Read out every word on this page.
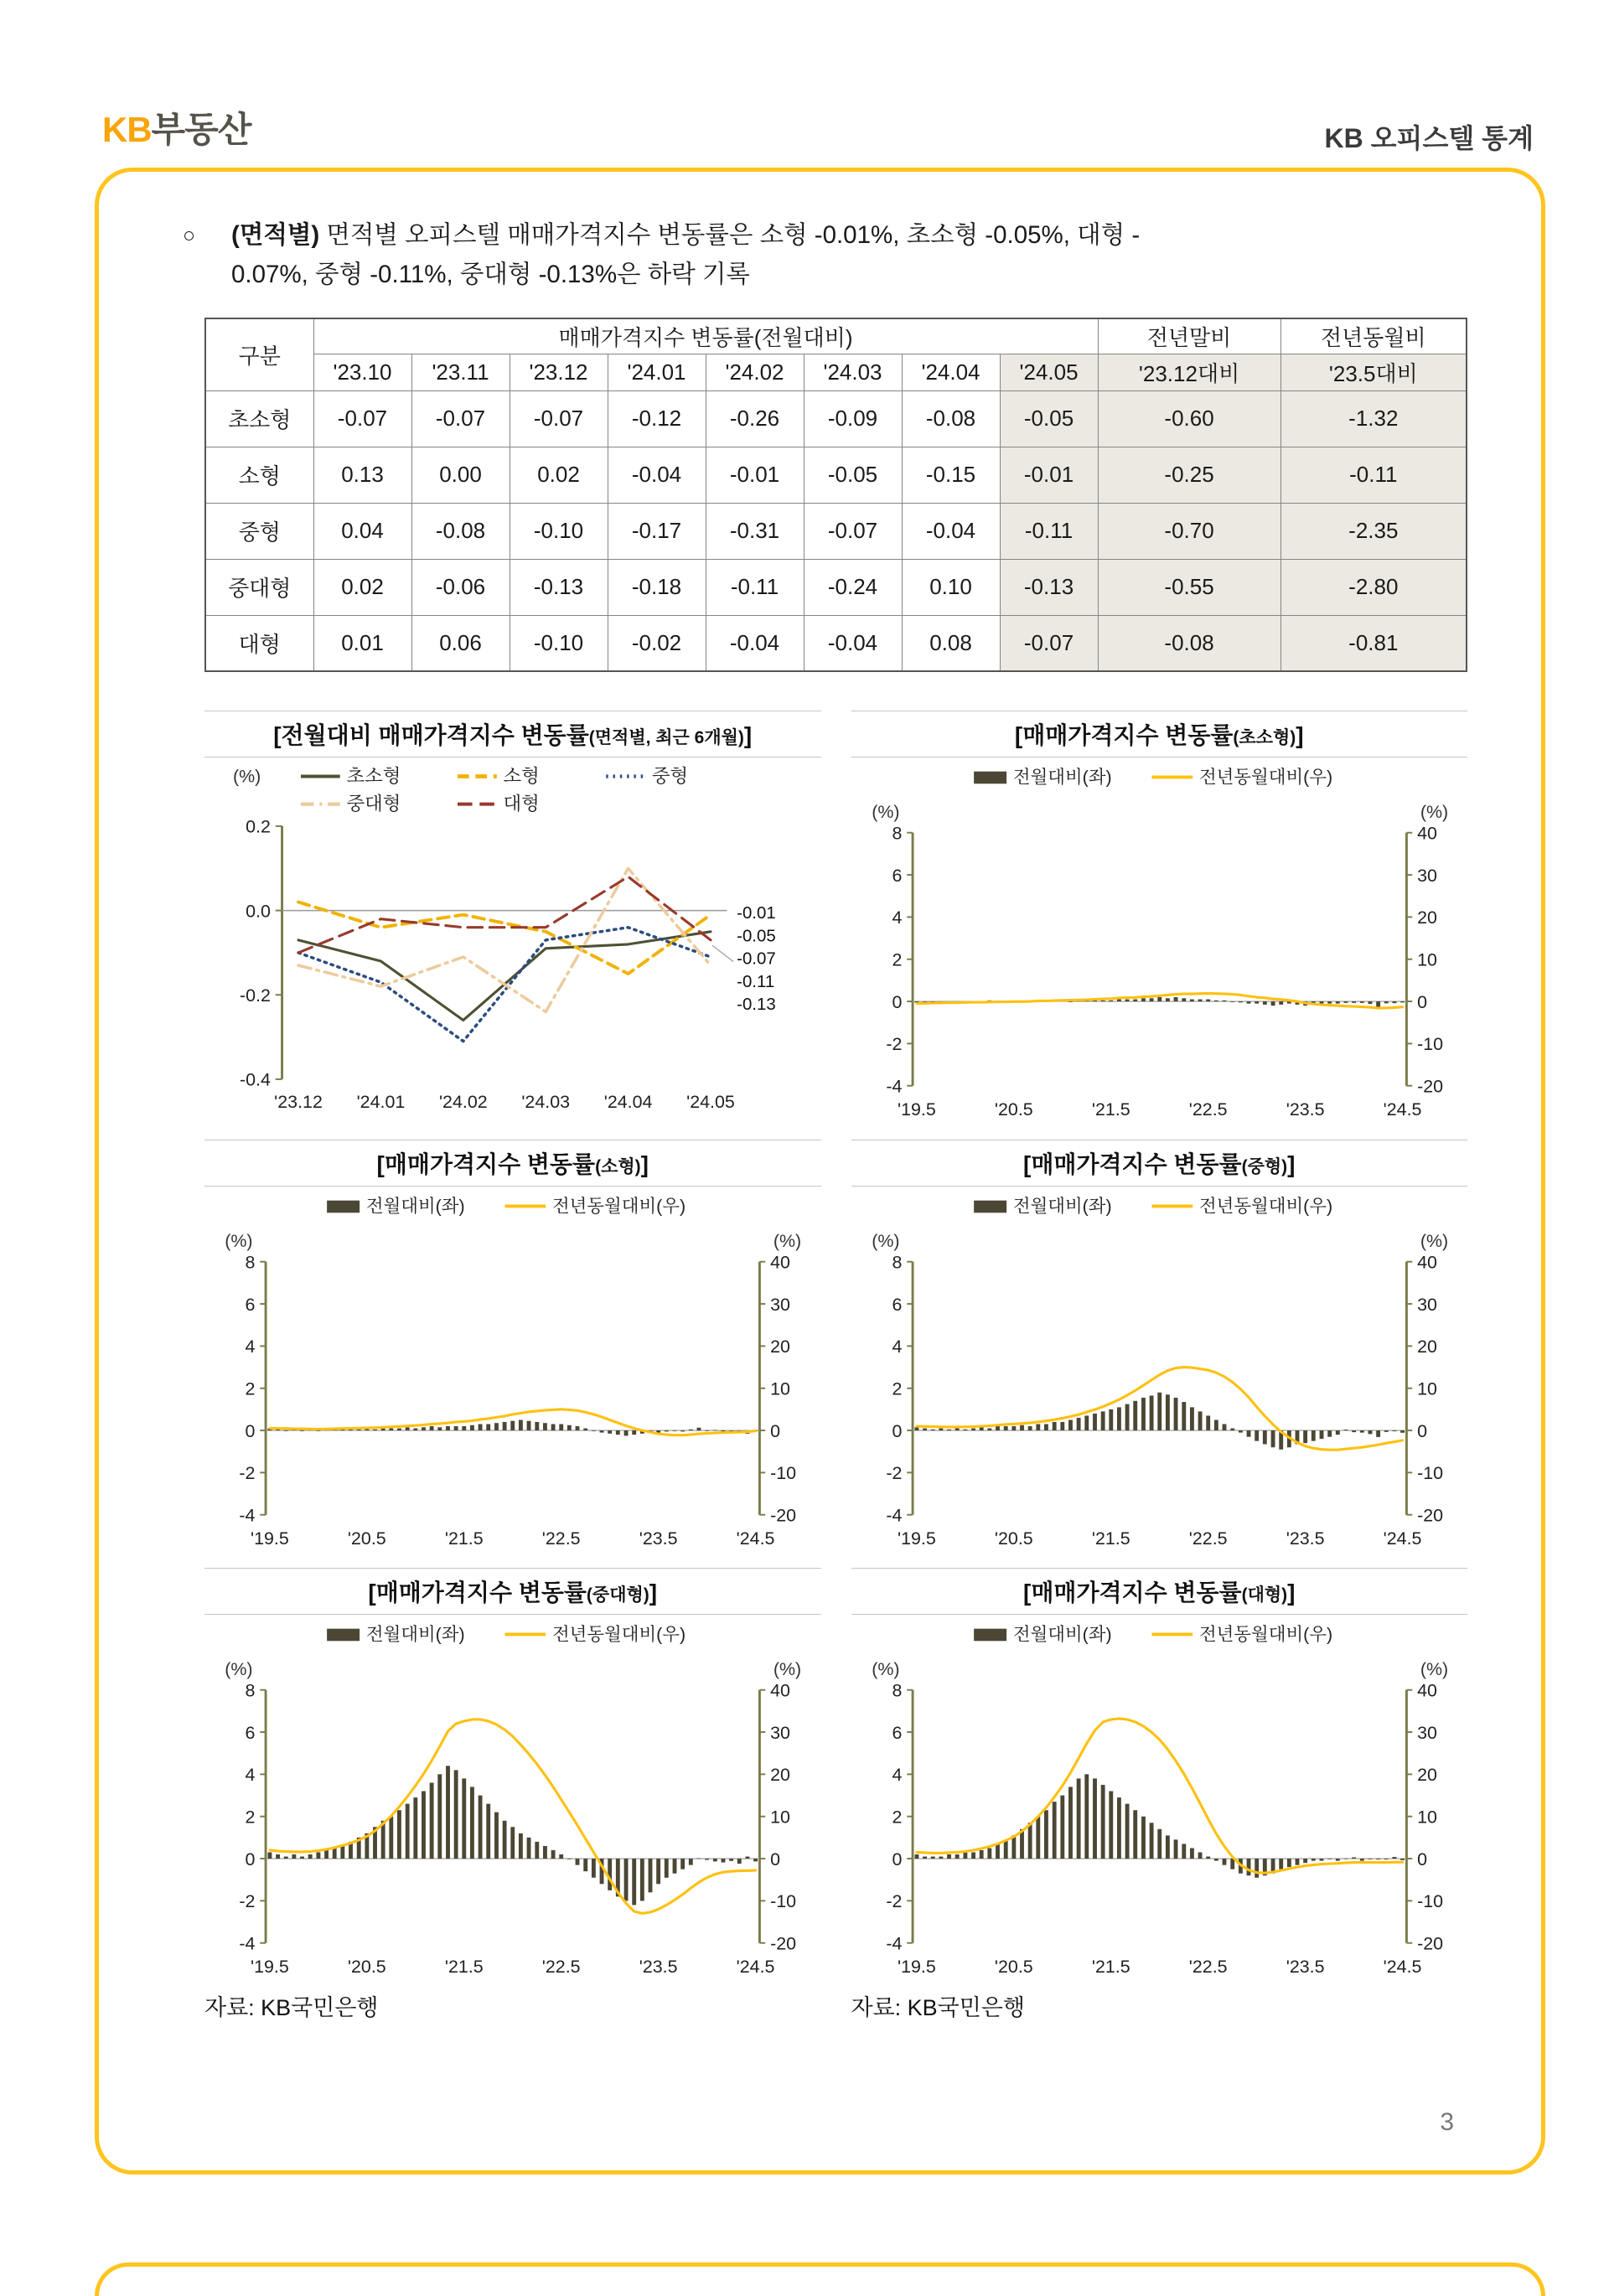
KB부동산	KB 오피스텔 통계
○	(면적별) 면적별 오피스텔 매매가격지수 변동률은 소형 -0.01%, 초소형 -0.05%, 대형 -
0.07%, 중형 -0.11%, 중대형 -0.13%은 하락 기록
구분	매매가격지수 변동률(전월대비)								전년말비	전년동월비
	'23.10	'23.11	'23.12	'24.01	'24.02	'24.03	'24.04	'24.05	'23.12대비	'23.5대비
초소형	-0.07	-0.07	-0.07	-0.12	-0.26	-0.09	-0.08	-0.05	-0.60	-1.32
소형	0.13	0.00	0.02	-0.04	-0.01	-0.05	-0.15	-0.01	-0.25	-0.11
중형	0.04	-0.08	-0.10	-0.17	-0.31	-0.07	-0.04	-0.11	-0.70	-2.35
중대형	0.02	-0.06	-0.13	-0.18	-0.11	-0.24	0.10	-0.13	-0.55	-2.80
대형	0.01	0.06	-0.10	-0.02	-0.04	-0.04	0.08	-0.07	-0.08	-0.81
[전월대비 매매가격지수 변동률(면적별, 최근 6개월)]
초소형	소형	중형
중대형	대형
(%)
0.2
0.0
-0.2
-0.4
'23.12 '24.01 '24.02 '24.03 '24.04 '24.05
-0.01
-0.05
-0.07
-0.11
-0.13
[매매가격지수 변동률(초소형)]
전월대비(좌)	전년동월대비(우)
(%)	(%)
8
6
4
2
0
-2
-4
40
30
20
10
0
-10
-20
'19.5	'20.5	'21.5	'22.5	'23.5	'24.5
[매매가격지수 변동률(소형)]
전월대비(좌)	전년동월대비(우)
(%)	(%)
8
6
4
2
0
-2
-4
40
30
20
10
0
-10
-20
'19.5	'20.5	'21.5	'22.5	'23.5	'24.5
[매매가격지수 변동률(중형)]
전월대비(좌)	전년동월대비(우)
(%)	(%)
8
6
4
2
0
-2
-4
40
30
20
10
0
-10
-20
'19.5	'20.5	'21.5	'22.5	'23.5	'24.5
[매매가격지수 변동률(중대형)]
전월대비(좌)	전년동월대비(우)
(%)	(%)
8
6
4
2
0
-2
-4
40
30
20
10
0
-10
-20
'19.5	'20.5	'21.5	'22.5	'23.5	'24.5
자료: KB국민은행
[매매가격지수 변동률(대형)]
전월대비(좌)	전년동월대비(우)
(%)	(%)
8
6
4
2
0
-2
-4
40
30
20
10
0
-10
-20
'19.5	'20.5	'21.5	'22.5	'23.5	'24.5
자료: KB국민은행
3
